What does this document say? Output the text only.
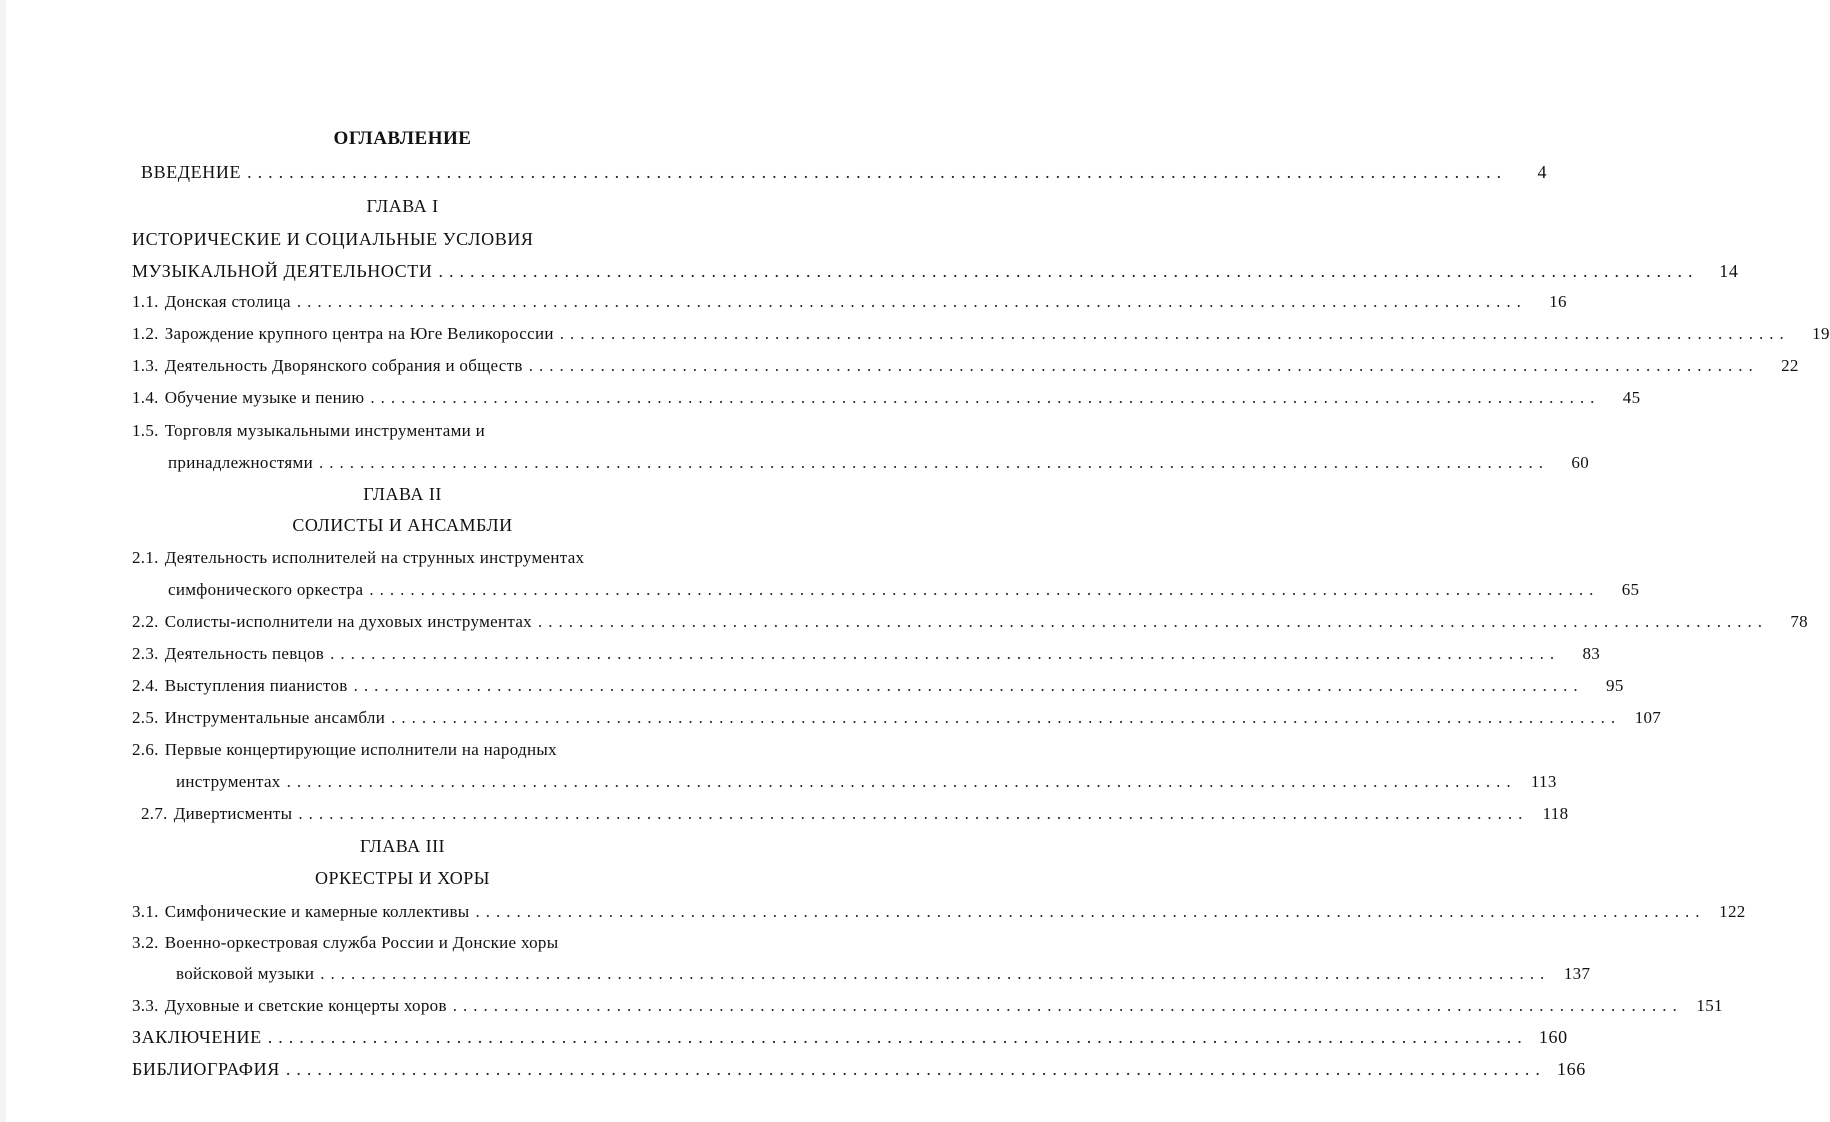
ОГЛАВЛЕНИЕ
ВВЕДЕНИЕ ........................................................................................................................	4
ГЛАВА I
ИСТОРИЧЕСКИЕ И СОЦИАЛЬНЫЕ УСЛОВИЯ
МУЗЫКАЛЬНОЙ ДЕЯТЕЛЬНОСТИ ........................................................................................................................	14
1.1. Донская столица ........................................................................................................................	16
1.2. Зарождение крупного центра на Юге Великороссии ........................................................................................................................	19
1.3. Деятельность Дворянского собрания и обществ ........................................................................................................................	22
1.4. Обучение музыке и пению ........................................................................................................................	45
1.5. Торговля музыкальными инструментами и
принадлежностями ........................................................................................................................	60
ГЛАВА II
СОЛИСТЫ И АНСАМБЛИ
2.1. Деятельность исполнителей на струнных инструментах
симфонического оркестра ........................................................................................................................	65
2.2. Солисты-исполнители на духовых инструментах ........................................................................................................................	78
2.3. Деятельность певцов ........................................................................................................................	83
2.4. Выступления пианистов ........................................................................................................................	95
2.5. Инструментальные ансамбли ........................................................................................................................ 107
2.6. Первые концертирующие исполнители на народных
инструментах ........................................................................................................................ 113
2.7. Дивертисменты ........................................................................................................................ 118
ГЛАВА III
ОРКЕСТРЫ И ХОРЫ
3.1. Симфонические и камерные коллективы ........................................................................................................................ 122
3.2. Военно-оркестровая служба России и Донские хоры
войсковой музыки ........................................................................................................................ 137
3.3. Духовные и светские концерты хоров ........................................................................................................................ 151
ЗАКЛЮЧЕНИЕ ........................................................................................................................ 160
БИБЛИОГРАФИЯ ........................................................................................................................ 166
